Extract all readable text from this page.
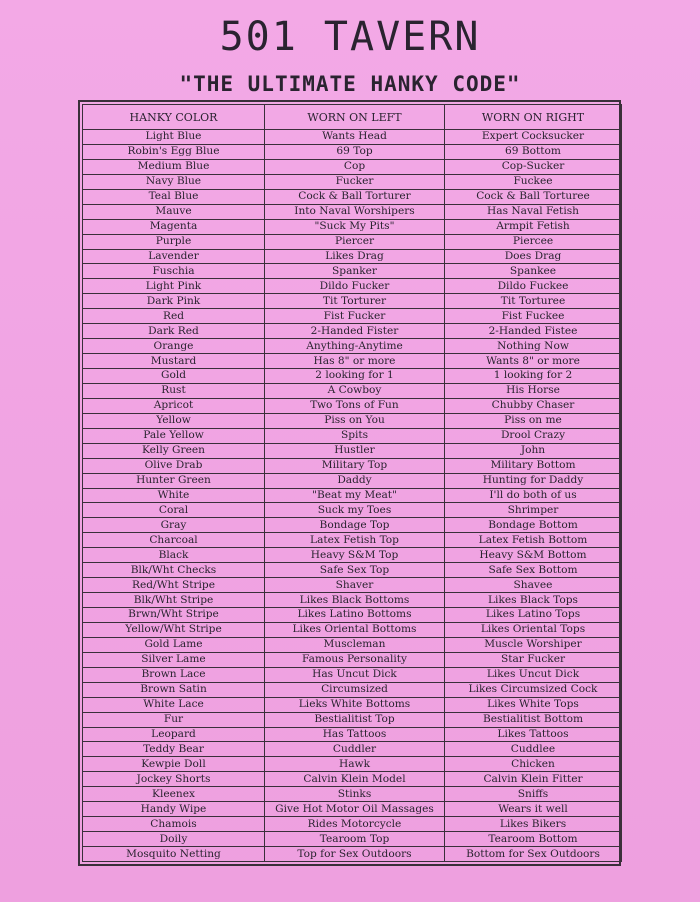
501 TAVERN
"THE ULTIMATE HANKY CODE"
HANKY COLOR	WORN ON LEFT	WORN ON RIGHT
Light Blue	Wants Head	Expert Cocksucker
Robin's Egg Blue	69 Top	69 Bottom
Medium Blue	Cop	Cop-Sucker
Navy Blue	Fucker	Fuckee
Teal Blue	Cock & Ball Torturer	Cock & Ball Torturee
Mauve	Into Naval Worshipers	Has Naval Fetish
Magenta	"Suck My Pits"	Armpit Fetish
Purple	Piercer	Piercee
Lavender	Likes Drag	Does Drag
Fuschia	Spanker	Spankee
Light Pink	Dildo Fucker	Dildo Fuckee
Dark Pink	Tit Torturer	Tit Torturee
Red	Fist Fucker	Fist Fuckee
Dark Red	2-Handed Fister	2-Handed Fistee
Orange	Anything-Anytime	Nothing Now
Mustard	Has 8" or more	Wants 8" or more
Gold	2 looking for 1	1 looking for 2
Rust	A Cowboy	His Horse
Apricot	Two Tons of Fun	Chubby Chaser
Yellow	Piss on You	Piss on me
Pale Yellow	Spits	Drool Crazy
Kelly Green	Hustler	John
Olive Drab	Military Top	Military Bottom
Hunter Green	Daddy	Hunting for Daddy
White	"Beat my Meat"	I'll do both of us
Coral	Suck my Toes	Shrimper
Gray	Bondage Top	Bondage Bottom
Charcoal	Latex Fetish Top	Latex Fetish Bottom
Black	Heavy S&M Top	Heavy S&M Bottom
Blk/Wht Checks	Safe Sex Top	Safe Sex Bottom
Red/Wht Stripe	Shaver	Shavee
Blk/Wht Stripe	Likes Black Bottoms	Likes Black Tops
Brwn/Wht Stripe	Likes Latino Bottoms	Likes Latino Tops
Yellow/Wht Stripe	Likes Oriental Bottoms	Likes Oriental Tops
Gold Lame	Muscleman	Muscle Worshiper
Silver Lame	Famous Personality	Star Fucker
Brown Lace	Has Uncut Dick	Likes Uncut Dick
Brown Satin	Circumsized	Likes Circumsized Cock
White Lace	Lieks White Bottoms	Likes White Tops
Fur	Bestialitist Top	Bestialitist Bottom
Leopard	Has Tattoos	Likes Tattoos
Teddy Bear	Cuddler	Cuddlee
Kewpie Doll	Hawk	Chicken
Jockey Shorts	Calvin Klein Model	Calvin Klein Fitter
Kleenex	Stinks	Sniffs
Handy Wipe	Give Hot Motor Oil Massages	Wears it well
Chamois	Rides Motorcycle	Likes Bikers
Doily	Tearoom Top	Tearoom Bottom
Mosquito Netting	Top for Sex Outdoors	Bottom for Sex Outdoors
